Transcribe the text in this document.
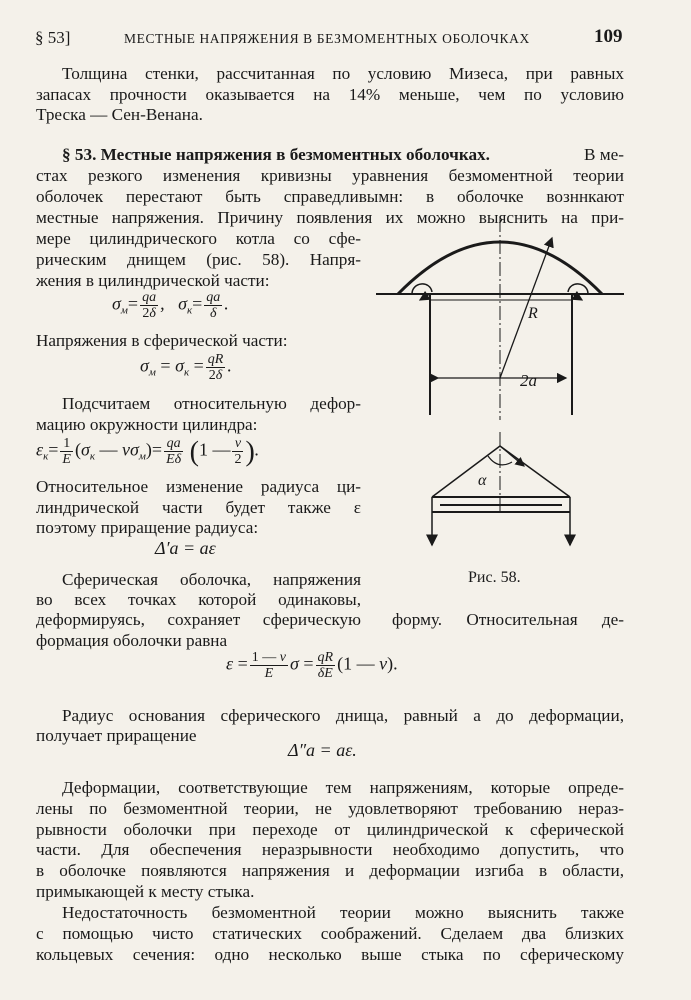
§ 53]	МЕСТНЫЕ НАПРЯЖЕНИЯ В БЕЗМОМЕНТНЫХ ОБОЛОЧКАХ	109
Толщина стенки, рассчитанная по условию Мизеса, при равных
запасах прочности оказывается на 14% меньше, чем по условию
Треска — Сен-Венана.
§ 53. Местные напряжения в безмоментных оболочках.	В ме-
стах резкого изменения кривизны уравнения безмоментной теории
оболочек перестают быть справедливымн: в оболочке возннкают
местные напряжения. Причину появления их можно выяснить на при-
мере цилиндрического котла со сфе-
рическим днищем (рис. 58). Напря-
жения в цилиндрической части:
$\sigma_м= \frac{qa}{2\delta}$ ,   $\sigma_к= \frac{qa}{\delta}$ .
Напряжения в сферической части:
$\sigma_м = \sigma_к = \frac{qR}{2\delta}$ .
Подсчитаем относительную дефор-
мацию окружности цилиндра:
$\varepsilon_к= \frac{1}{E} (\sigma_к$ — $\nu\sigma_м)= \frac{qa}{E\delta} (1$ — $\frac{\nu}{2}$ ).
Относительное изменение радиуса ци-
линдрической части будет также ε
поэтому приращение радиуса:
Δ′a = aε
Сферическая оболочка, напряжения
во всех точках которой одинаковы,
деформируясь, сохраняет сферическую форму. Относительная де-
формация оболочки равна
$\varepsilon = \frac{1 — \nu}{E}$ $\sigma = \frac{qR}{\delta E} (1$ — ν).
Радиус основания сферического днища, равный a до деформации,
получает приращение
Δ″a = aε.
Деформации, соответствующие тем напряжениям, которые опреде-
лены по безмоментной теории, не удовлетворяют требованию нераз-
рывности оболочки при переходе от цилиндрической к сферической
части. Для обеспечения неразрывности необходимо допустить, что
в оболочке появляются напряжения и деформации изгиба в области,
примыкающей к месту стыка.
Недостаточность безмоментной теории можно выяснить также
с помощью чисто статических соображений. Сделаем два близких
кольцевых сечения: одно несколько выше стыка по сферическому
R
2a
α
Рис. 58.
